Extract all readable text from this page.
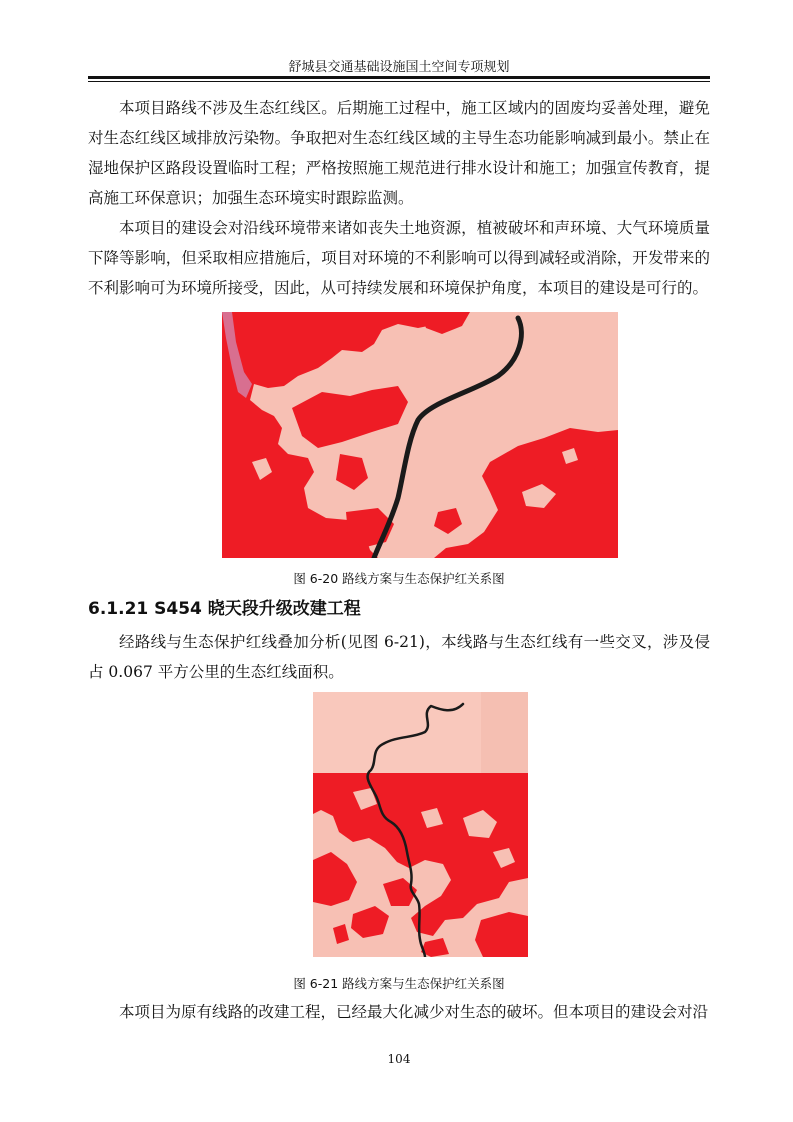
舒城县交通基础设施国土空间专项规划

本项目路线不涉及生态红线区。后期施工过程中，施工区域内的固废均妥善处理，避免对生态红线区域排放污染物。争取把对生态红线区域的主导生态功能影响减到最小。禁止在湿地保护区路段设置临时工程；严格按照施工规范进行排水设计和施工；加强宣传教育，提高施工环保意识；加强生态环境实时跟踪监测。

本项目的建设会对沿线环境带来诸如丧失土地资源，植被破坏和声环境、大气环境质量下降等影响，但采取相应措施后，项目对环境的不利影响可以得到减轻或消除，开发带来的不利影响可为环境所接受，因此，从可持续发展和环境保护角度，本项目的建设是可行的。

图 6-20 路线方案与生态保护红关系图
6.1.21 S454 晓天段升级改建工程

经路线与生态保护红线叠加分析(见图 6-21)，本线路与生态红线有一些交叉，涉及侵占 0.067 平方公里的生态红线面积。

图 6-21 路线方案与生态保护红关系图

本项目为原有线路的改建工程，已经最大化减少对生态的破坏。但本项目的建设会对沿

104
